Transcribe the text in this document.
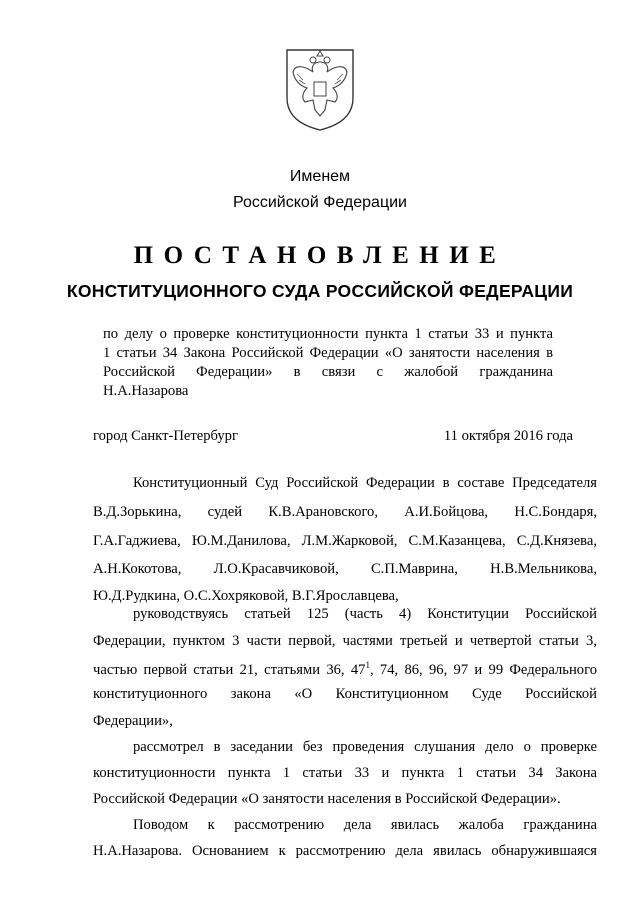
Именем
Российской Федерации
ПОСТАНОВЛЕНИЕ
КОНСТИТУЦИОННОГО СУДА РОССИЙСКОЙ ФЕДЕРАЦИИ
по делу о проверке конституционности пункта 1 статьи 33 и пункта
1 статьи 34 Закона Российской Федерации «О занятости населения в
Российской Федерации» в связи с жалобой гражданина
Н.А.Назарова
город Санкт-Петербург	11 октября 2016 года
Конституционный Суд Российской Федерации в составе Председателя
В.Д.Зорькина, судей К.В.Арановского, А.И.Бойцова, Н.С.Бондаря,
Г.А.Гаджиева, Ю.М.Данилова, Л.М.Жарковой, С.М.Казанцева, С.Д.Князева,
А.Н.Кокотова, Л.О.Красавчиковой, С.П.Маврина, Н.В.Мельникова,
Ю.Д.Рудкина, О.С.Хохряковой, В.Г.Ярославцева,
руководствуясь статьей 125 (часть 4) Конституции Российской
Федерации, пунктом 3 части первой, частями третьей и четвертой статьи 3,
частью первой статьи 21, статьями 36, $47^1$, 74, 86, 96, 97 и 99 Федерального
конституционного закона «О Конституционном Суде Российской
Федерации»,
рассмотрел в заседании без проведения слушания дело о проверке
конституционности пункта 1 статьи 33 и пункта 1 статьи 34 Закона
Российской Федерации «О занятости населения в Российской Федерации».
Поводом к рассмотрению дела явилась жалоба гражданина
Н.А.Назарова. Основанием к рассмотрению дела явилась обнаружившаяся
